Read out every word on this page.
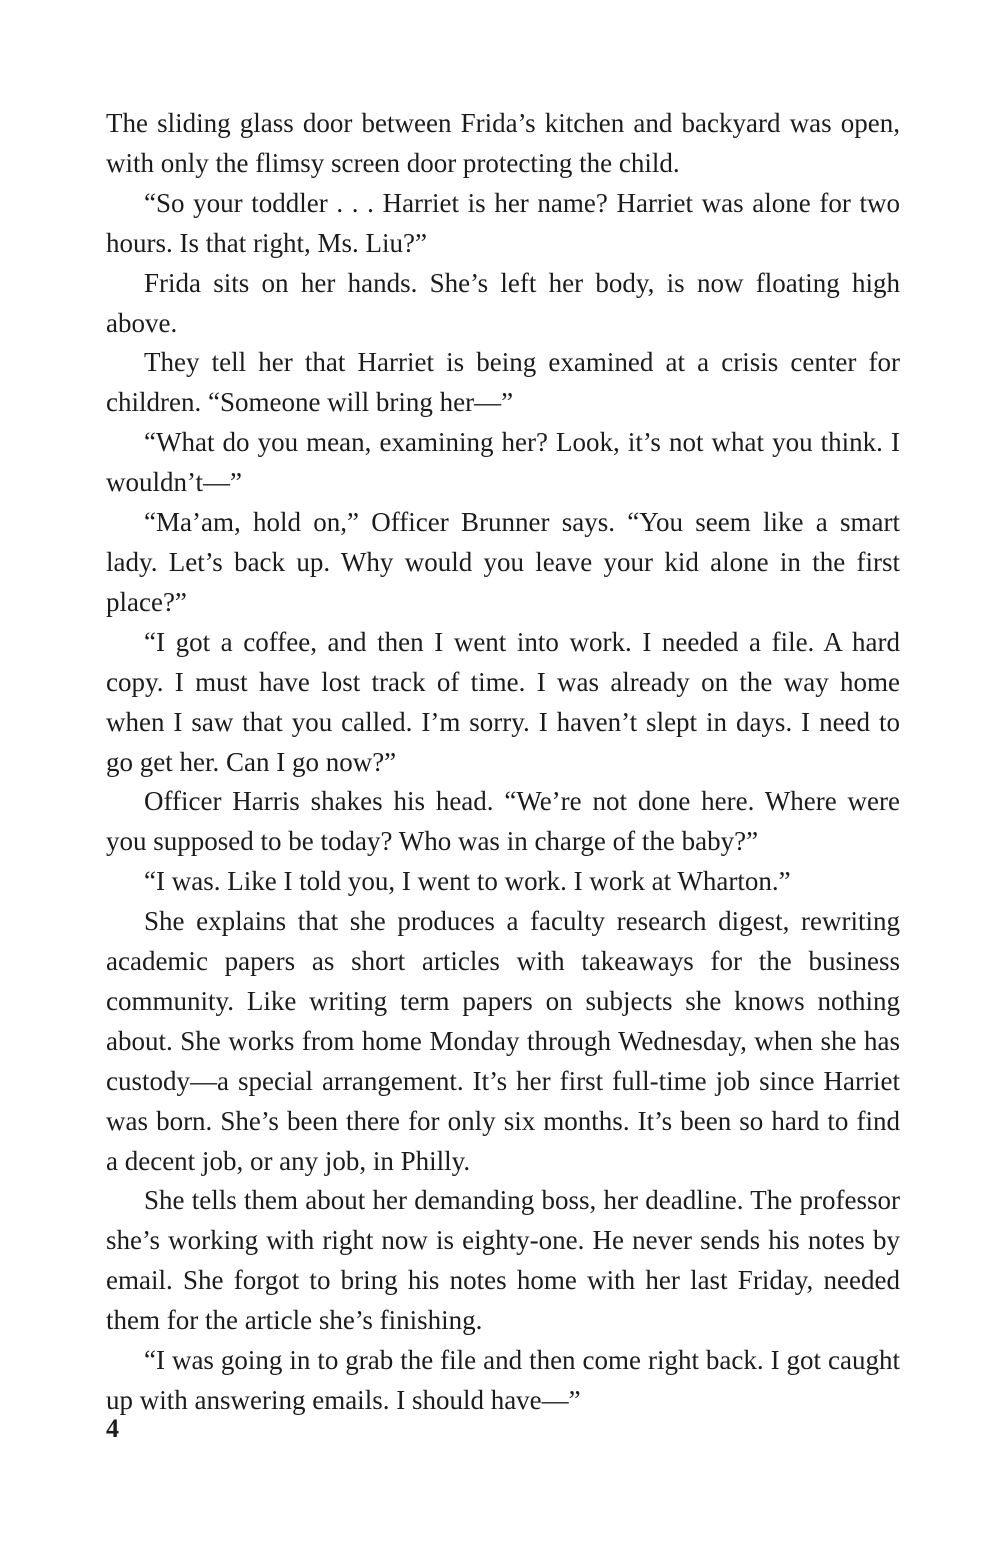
The sliding glass door between Frida’s kitchen and backyard was open, with only the flimsy screen door protecting the child.

“So your toddler . . . Harriet is her name? Harriet was alone for two hours. Is that right, Ms. Liu?”

Frida sits on her hands. She’s left her body, is now floating high above.

They tell her that Harriet is being examined at a crisis center for children. “Someone will bring her—”

“What do you mean, examining her? Look, it’s not what you think. I wouldn’t—”

“Ma’am, hold on,” Officer Brunner says. “You seem like a smart lady. Let’s back up. Why would you leave your kid alone in the first place?”

“I got a coffee, and then I went into work. I needed a file. A hard copy. I must have lost track of time. I was already on the way home when I saw that you called. I’m sorry. I haven’t slept in days. I need to go get her. Can I go now?”

Officer Harris shakes his head. “We’re not done here. Where were you supposed to be today? Who was in charge of the baby?”

“I was. Like I told you, I went to work. I work at Wharton.”

She explains that she produces a faculty research digest, rewriting academic papers as short articles with takeaways for the business community. Like writing term papers on subjects she knows nothing about. She works from home Monday through Wednesday, when she has custody—a special arrangement. It’s her first full-time job since Harriet was born. She’s been there for only six months. It’s been so hard to find a decent job, or any job, in Philly.

She tells them about her demanding boss, her deadline. The professor she’s working with right now is eighty-one. He never sends his notes by email. She forgot to bring his notes home with her last Friday, needed them for the article she’s finishing.

“I was going in to grab the file and then come right back. I got caught up with answering emails. I should have—”

4
